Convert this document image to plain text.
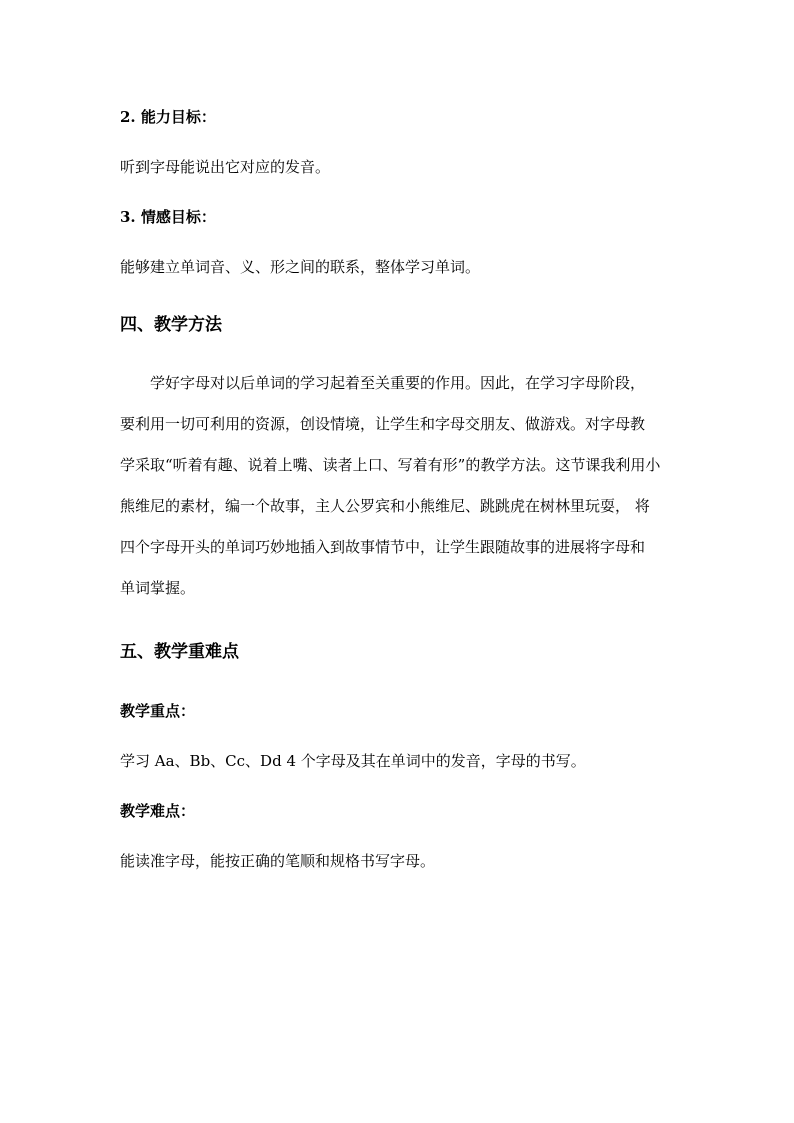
2. 能力目标：
听到字母能说出它对应的发音。
3. 情感目标：
能够建立单词音、义、形之间的联系，整体学习单词。
四、教学方法
学好字母对以后单词的学习起着至关重要的作用。因此，在学习字母阶段，
要利用一切可利用的资源，创设情境，让学生和字母交朋友、做游戏。对字母教
学采取“听着有趣、说着上嘴、读者上口、写着有形”的教学方法。这节课我利用小
熊维尼的素材，编一个故事，主人公罗宾和小熊维尼、跳跳虎在树林里玩耍， 将
四个字母开头的单词巧妙地插入到故事情节中，让学生跟随故事的进展将字母和
单词掌握。
五、教学重难点
教学重点：
学习 Aa、Bb、Cc、Dd 4 个字母及其在单词中的发音，字母的书写。
教学难点：
能读准字母，能按正确的笔顺和规格书写字母。
